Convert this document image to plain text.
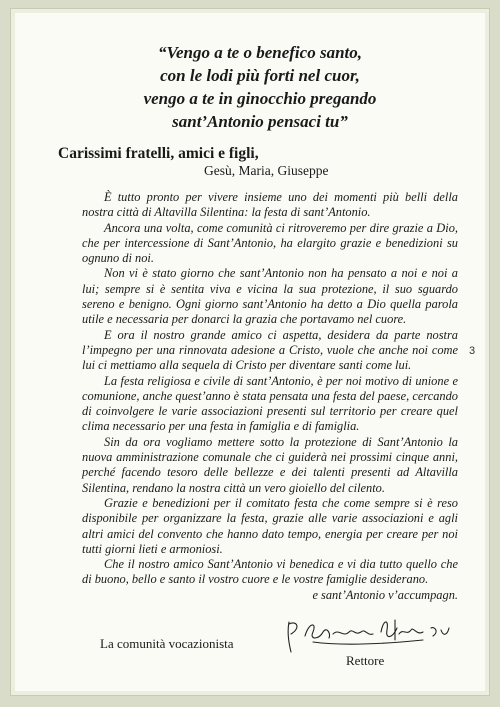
“Vengo a te o benefico santo,
con le lodi più forti nel cuor,
vengo a te in ginocchio pregando
sant’Antonio pensaci tu”
Carissimi fratelli, amici e figli,
Gesù, Maria, Giuseppe

È tutto pronto per vivere insieme uno dei momenti più belli della nostra città di Altavilla Silentina: la festa di sant’Antonio.

Ancora una volta, come comunità ci ritroveremo per dire grazie a Dio, che per intercessione di Sant’Antonio, ha elargito grazie e benedizioni su ognuno di noi.

Non vi è stato giorno che sant’Antonio non ha pensato a noi e noi a lui; sempre si è sentita viva e vicina la sua protezione, il suo sguardo sereno e benigno. Ogni giorno sant’Antonio ha detto a Dio quella parola utile e necessaria per donarci la grazia che portavamo nel cuore.

E ora il nostro grande amico ci aspetta, desidera da parte nostra l’impegno per una rinnovata adesione a Cristo, vuole che anche noi come lui ci mettiamo alla sequela di Cristo per diventare santi come lui.

La festa religiosa e civile di sant’Antonio, è per noi motivo di unione e comunione, anche quest’anno è stata pensata una festa del paese, cercando di coinvolgere le varie associazioni presenti sul territorio per creare quel clima necessario per una festa in famiglia e di famiglia.

Sin da ora vogliamo mettere sotto la protezione di Sant’Antonio la nuova amministrazione comunale che ci guiderà nei prossimi cinque anni, perché facendo tesoro delle bellezze e dei talenti presenti ad Altavilla Silentina, rendano la nostra città un vero gioiello del cilento.

Grazie e benedizioni per il comitato festa che come sempre si è reso disponibile per organizzare la festa, grazie alle varie associazioni e agli altri amici del convento che hanno dato tempo, energia per creare per noi tutti giorni lieti e armoniosi.

Che il nostro amico Sant’Antonio vi benedica e vi dia tutto quello che di buono, bello e santo il vostro cuore e le vostre famiglie desiderano.

e sant’Antonio v’accumpagn.

3
La comunità vocazionista
Rettore
